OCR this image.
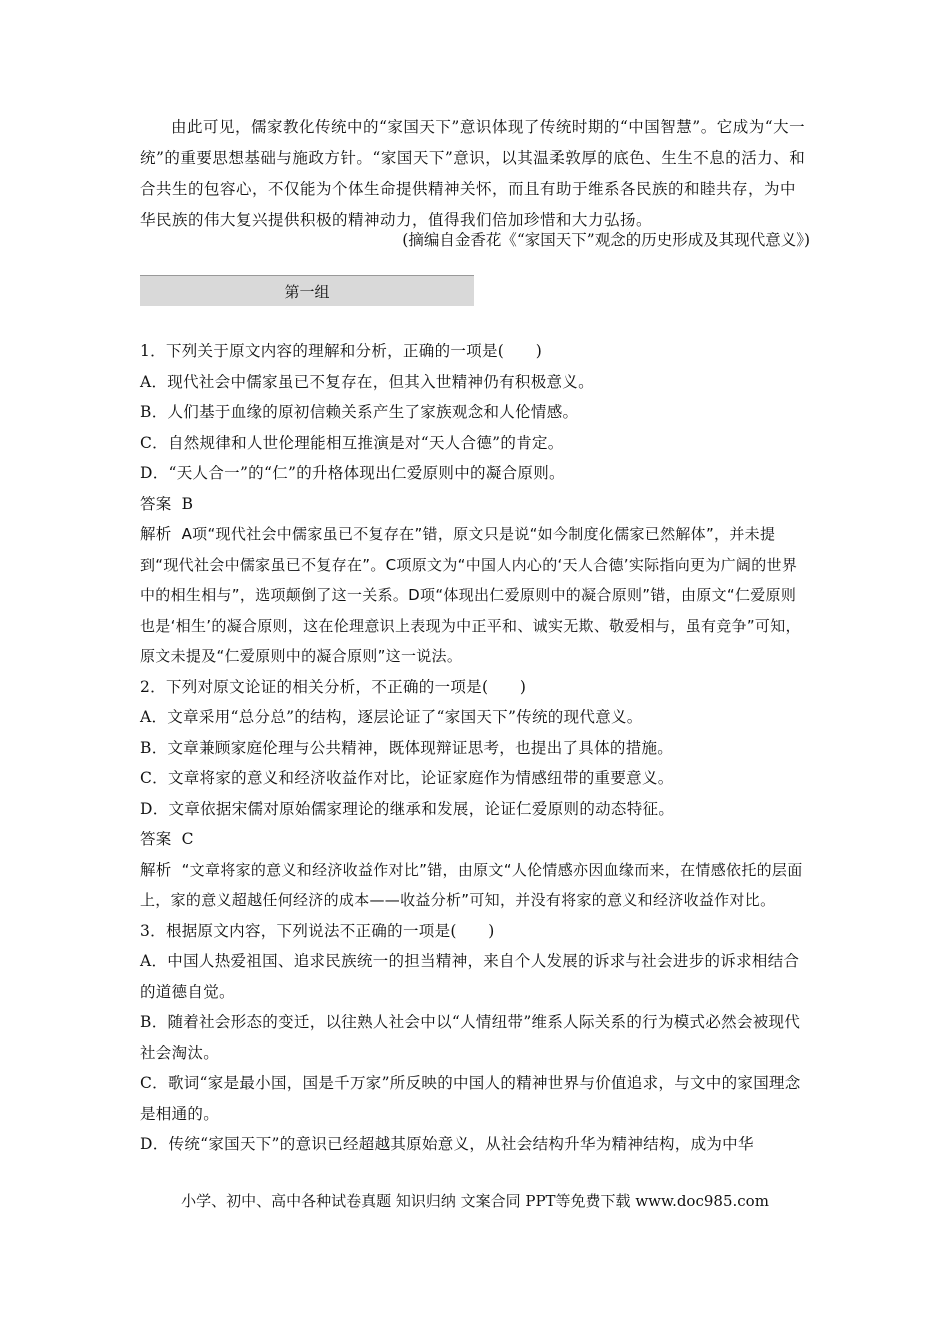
由此可见，儒家教化传统中的“家国天下”意识体现了传统时期的“中国智慧”。它成为“大一统”的重要思想基础与施政方针。“家国天下”意识，以其温柔敦厚的底色、生生不息的活力、和合共生的包容心，不仅能为个体生命提供精神关怀，而且有助于维系各民族的和睦共存，为中华民族的伟大复兴提供积极的精神动力，值得我们倍加珍惜和大力弘扬。

(摘编自金香花《“家国天下”观念的历史形成及其现代意义》)
第一组

1．下列关于原文内容的理解和分析，正确的一项是(　　)

A．现代社会中儒家虽已不复存在，但其入世精神仍有积极意义。

B．人们基于血缘的原初信赖关系产生了家族观念和人伦情感。

C．自然规律和人世伦理能相互推演是对“天人合德”的肯定。

D．“天人合一”的“仁”的升格体现出仁爱原则中的凝合原则。

答案 B

解析 A项“现代社会中儒家虽已不复存在”错，原文只是说“如今制度化儒家已然解体”，并未提到“现代社会中儒家虽已不复存在”。C项原文为“中国人内心的‘天人合德’实际指向更为广阔的世界中的相生相与”，选项颠倒了这一关系。D项“体现出仁爱原则中的凝合原则”错，由原文“仁爱原则也是‘相生’的凝合原则，这在伦理意识上表现为中正平和、诚实无欺、敬爱相与，虽有竞争”可知，原文未提及“仁爱原则中的凝合原则”这一说法。

2．下列对原文论证的相关分析，不正确的一项是(　　)

A．文章采用“总分总”的结构，逐层论证了“家国天下”传统的现代意义。

B．文章兼顾家庭伦理与公共精神，既体现辩证思考，也提出了具体的措施。

C．文章将家的意义和经济收益作对比，论证家庭作为情感纽带的重要意义。

D．文章依据宋儒对原始儒家理论的继承和发展，论证仁爱原则的动态特征。

答案 C

解析 “文章将家的意义和经济收益作对比”错，由原文“人伦情感亦因血缘而来，在情感依托的层面上，家的意义超越任何经济的成本——收益分析”可知，并没有将家的意义和经济收益作对比。

3．根据原文内容，下列说法不正确的一项是(　　)

A．中国人热爱祖国、追求民族统一的担当精神，来自个人发展的诉求与社会进步的诉求相结合的道德自觉。

B．随着社会形态的变迁，以往熟人社会中以“人情纽带”维系人际关系的行为模式必然会被现代社会淘汰。

C．歌词“家是最小国，国是千万家”所反映的中国人的精神世界与价值追求，与文中的家国理念是相通的。

D．传统“家国天下”的意识已经超越其原始意义，从社会结构升华为精神结构，成为中华

小学、初中、高中各种试卷真题 知识归纳 文案合同 PPT等免费下载 www.doc985.com
